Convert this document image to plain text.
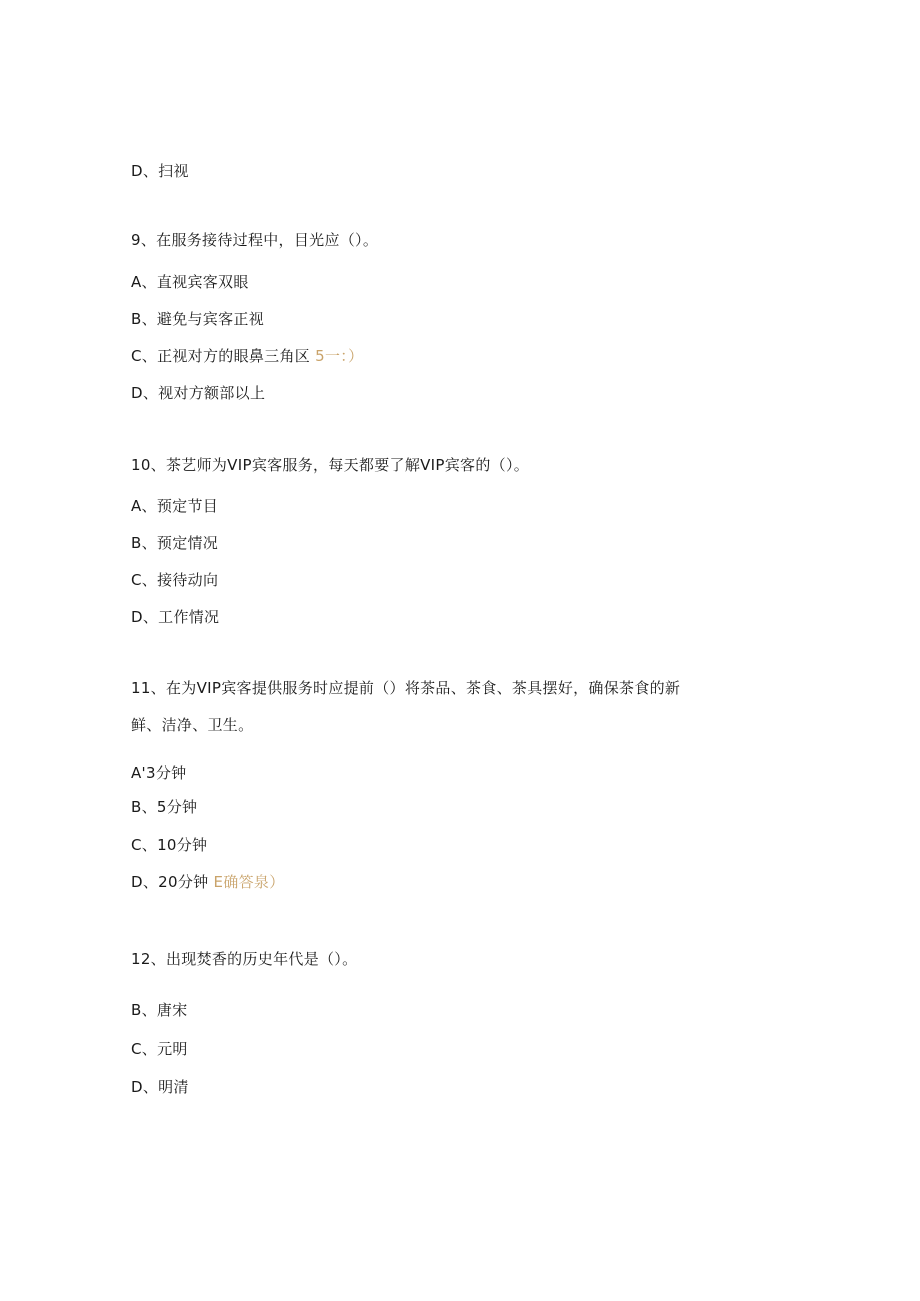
D、扫视
9、在服务接待过程中，目光应（）。
A、直视宾客双眼
B、避免与宾客正视
C、正视对方的眼鼻三角区 5一：）
D、视对方额部以上
10、茶艺师为VIP宾客服务，每天都要了解VIP宾客的（）。
A、预定节目
B、预定情况
C、接待动向
D、工作情况
11、在为VIP宾客提供服务时应提前（）将茶品、茶食、茶具摆好，确保茶食的新
鲜、洁净、卫生。
A'3分钟
B、5分钟
C、10分钟
D、20分钟 E确答泉）
12、出现焚香的历史年代是（）。
B、唐宋
C、元明
D、明清
